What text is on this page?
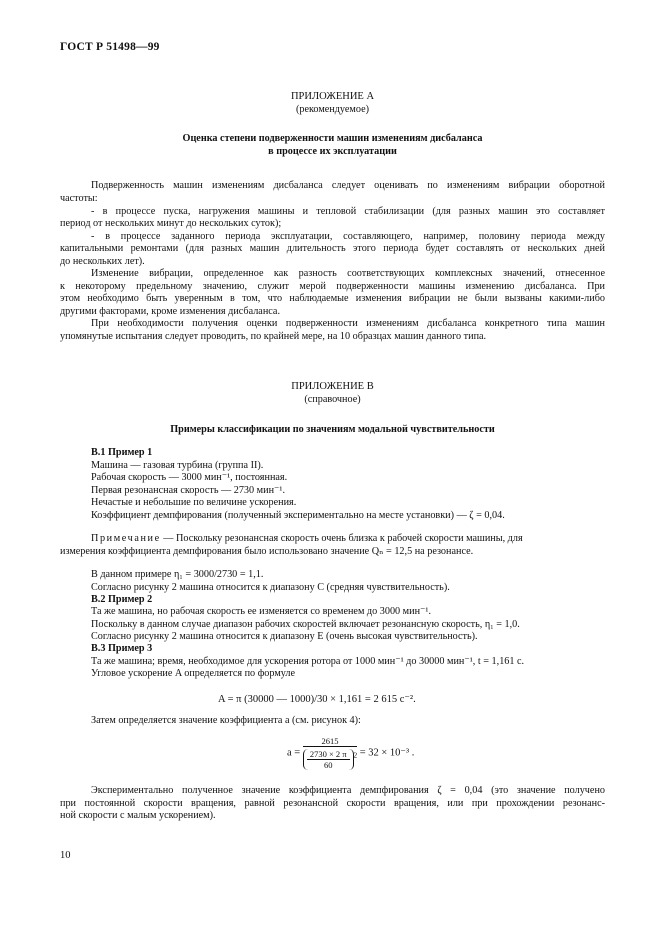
ГОСТ Р 51498—99
ПРИЛОЖЕНИЕ А
(рекомендуемое)
Оценка степени подверженности машин изменениям дисбаланса
в процессе их эксплуатации
Подверженность машин изменениям дисбаланса следует оценивать по изменениям вибрации оборотной
частоты:
- в процессе пуска, нагружения машины и тепловой стабилизации (для разных машин это составляет
период от нескольких минут до нескольких суток);
- в процессе заданного периода эксплуатации, составляющего, например, половину периода между
капитальными ремонтами (для разных машин длительность этого периода будет составлять от нескольких дней
до нескольких лет).
Изменение вибрации, определенное как разность соответствующих комплексных значений, отнесенное
к некоторому предельному значению, служит мерой подверженности машины изменению дисбаланса. При
этом необходимо быть уверенным в том, что наблюдаемые изменения вибрации не были вызваны какими-либо
другими факторами, кроме изменения дисбаланса.
При необходимости получения оценки подверженности изменениям дисбаланса конкретного типа машин
упомянутые испытания следует проводить, по крайней мере, на 10 образцах машин данного типа.
ПРИЛОЖЕНИЕ В
(справочное)
Примеры классификации по значениям модальной чувствительности
В.1 Пример 1
Машина — газовая турбина (группа II).
Рабочая скорость — 3000 мин⁻¹, постоянная.
Первая резонансная скорость — 2730 мин⁻¹.
Нечастые и небольшие по величине ускорения.
Коэффициент демпфирования (полученный экспериментально на месте установки) — ζ = 0,04.
Примечание — Поскольку резонансная скорость очень близка к рабочей скорости машины, для
измерения коэффициента демпфирования было использовано значение Qₙ = 12,5 на резонансе.
В данном примере η₁ = 3000/2730 = 1,1.
Согласно рисунку 2 машина относится к диапазону С (средняя чувствительность).
В.2 Пример 2
Та же машина, но рабочая скорость ее изменяется со временем до 3000 мин⁻¹.
Поскольку в данном случае диапазон рабочих скоростей включает резонансную скорость, η₁ = 1,0.
Согласно рисунку 2 машина относится к диапазону Е (очень высокая чувствительность).
В.3 Пример 3
Та же машина; время, необходимое для ускорения ротора от 1000 мин⁻¹ до 30000 мин⁻¹, t = 1,161 с.
Угловое ускорение A определяется по формуле
A = π (30000 — 1000)/30 × 1,161 = 2 615 с⁻².
Затем определяется значение коэффициента a (см. рисунок 4):
$a = \frac{2615}{\frac{2730 \times 2 \pi}{60} ^2} = 32 \times 10^{-3}$ .
Экспериментально полученное значение коэффициента демпфирования ζ = 0,04 (это значение получено
при постоянной скорости вращения, равной резонансной скорости вращения, или при прохождении резонанс-
ной скорости с малым ускорением).
10
